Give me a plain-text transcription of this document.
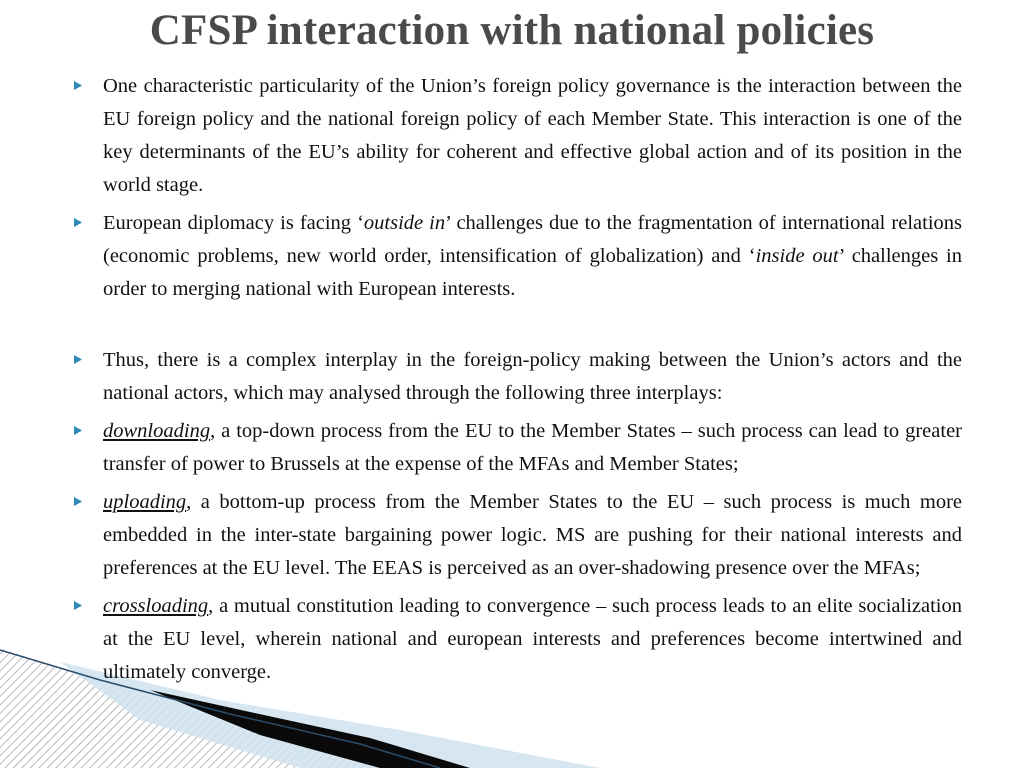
CFSP interaction with national policies
One characteristic particularity of the Union’s foreign policy governance is the interaction between the EU foreign policy and the national foreign policy of each Member State. This interaction is one of the key determinants of the EU’s ability for coherent and effective global action and of its position in the world stage.
European diplomacy is facing ‘outside in’ challenges due to the fragmentation of international relations (economic problems, new world order, intensification of globalization) and ‘inside out’ challenges in order to merging national with European interests.
Thus, there is a complex interplay in the foreign-policy making between the Union’s actors and the national actors, which may analysed through the following three interplays:
downloading, a top-down process from the EU to the Member States – such process can lead to greater transfer of power to Brussels at the expense of the MFAs and Member States;
uploading, a bottom-up process from the Member States to the EU – such process is much more embedded in the inter-state bargaining power logic. MS are pushing for their national interests and preferences at the EU level. The EEAS is perceived as an over-shadowing presence over the MFAs;
crossloading, a mutual constitution leading to convergence – such process leads to an elite socialization at the EU level, wherein national and european interests and preferences become intertwined and ultimately converge.
